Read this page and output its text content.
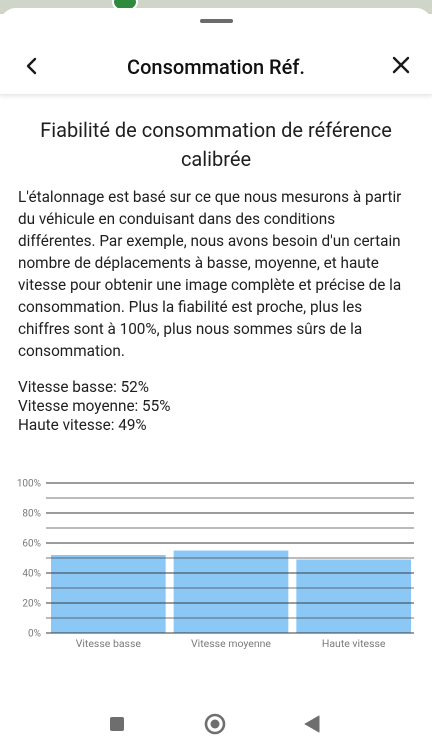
Consommation Réf.
Fiabilité de consommation de référence calibrée

L'étalonnage est basé sur ce que nous mesurons à partir du véhicule en conduisant dans des conditions différentes. Par exemple, nous avons besoin d'un certain nombre de déplacements à basse, moyenne, et haute vitesse pour obtenir une image complète et précise de la consommation. Plus la fiabilité est proche, plus les chiffres sont à 100%, plus nous sommes sûrs de la consommation.

Vitesse basse: 52%
Vitesse moyenne: 55%
Haute vitesse: 49%
0%
20%
40%
60%
80%
100%
Vitesse basse	Vitesse moyenne	Haute vitesse
